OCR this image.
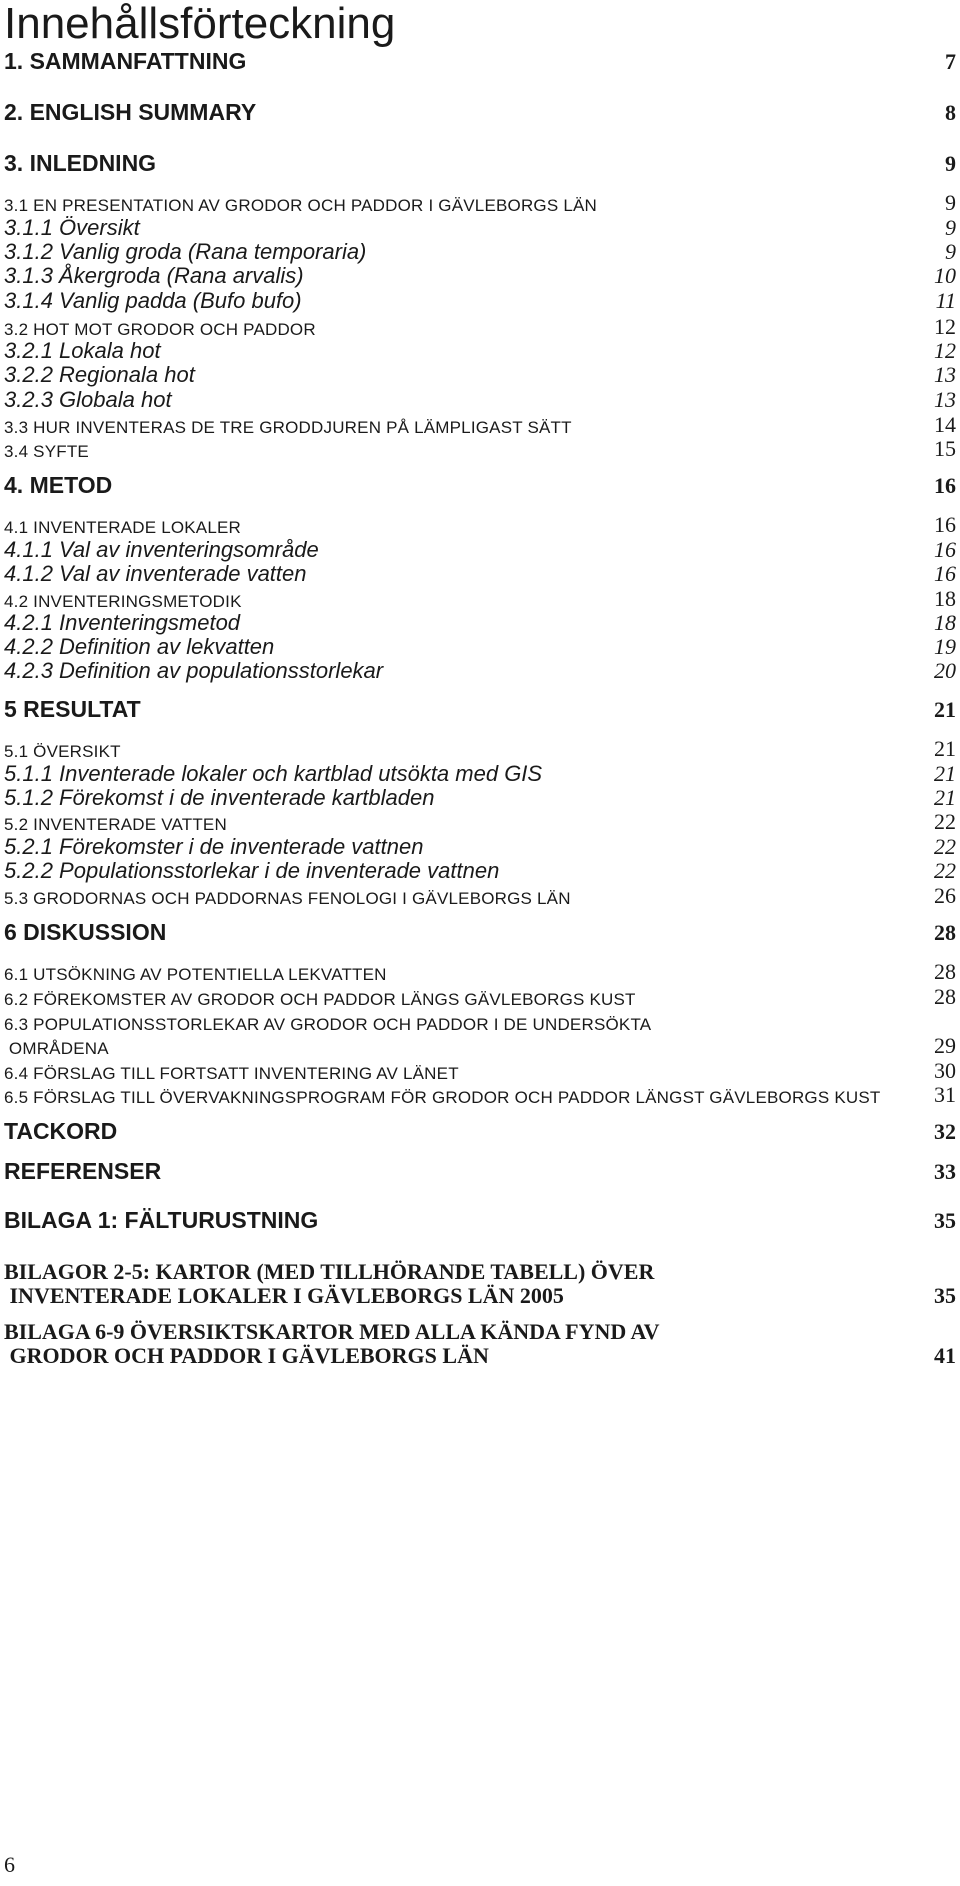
Innehållsförteckning
1. SAMMANFATTNING	7
2. ENGLISH SUMMARY	8
3. INLEDNING	9
3.1 EN PRESENTATION AV GRODOR OCH PADDOR I GÄVLEBORGS LÄN	9
3.1.1 Översikt	9
3.1.2 Vanlig groda (Rana temporaria)	9
3.1.3 Åkergroda (Rana arvalis)	10
3.1.4 Vanlig padda (Bufo bufo)	11
3.2 HOT MOT GRODOR OCH PADDOR	12
3.2.1 Lokala hot	12
3.2.2 Regionala hot	13
3.2.3 Globala hot	13
3.3 HUR INVENTERAS DE TRE GRODDJUREN PÅ LÄMPLIGAST SÄTT	14
3.4 SYFTE	15
4. METOD	16
4.1 INVENTERADE LOKALER	16
4.1.1 Val av inventeringsområde	16
4.1.2 Val av inventerade vatten	16
4.2 INVENTERINGSMETODIK	18
4.2.1 Inventeringsmetod	18
4.2.2 Definition av lekvatten	19
4.2.3 Definition av populationsstorlekar	20
5 RESULTAT	21
5.1 ÖVERSIKT	21
5.1.1 Inventerade lokaler och kartblad utsökta med GIS	21
5.1.2 Förekomst i de inventerade kartbladen	21
5.2 INVENTERADE VATTEN	22
5.2.1 Förekomster i de inventerade vattnen	22
5.2.2 Populationsstorlekar i de inventerade vattnen	22
5.3 GRODORNAS OCH PADDORNAS FENOLOGI I GÄVLEBORGS LÄN	26
6 DISKUSSION	28
6.1 UTSÖKNING AV POTENTIELLA LEKVATTEN	28
6.2 FÖREKOMSTER AV GRODOR OCH PADDOR LÄNGS GÄVLEBORGS KUST	28
6.3 POPULATIONSSTORLEKAR AV GRODOR OCH PADDOR I DE UNDERSÖKTA
OMRÅDENA	29
6.4 FÖRSLAG TILL FORTSATT INVENTERING AV LÄNET	30
6.5 FÖRSLAG TILL ÖVERVAKNINGSPROGRAM FÖR GRODOR OCH PADDOR LÄNGST GÄVLEBORGS KUST 31
TACKORD	32
REFERENSER	33
BILAGA 1: FÄLTURUSTNING	35
BILAGOR 2-5: KARTOR (MED TILLHÖRANDE TABELL) ÖVER
INVENTERADE LOKALER I GÄVLEBORGS LÄN 2005	35
BILAGA 6-9 ÖVERSIKTSKARTOR MED ALLA KÄNDA FYND AV
GRODOR OCH PADDOR I GÄVLEBORGS LÄN	41
6
